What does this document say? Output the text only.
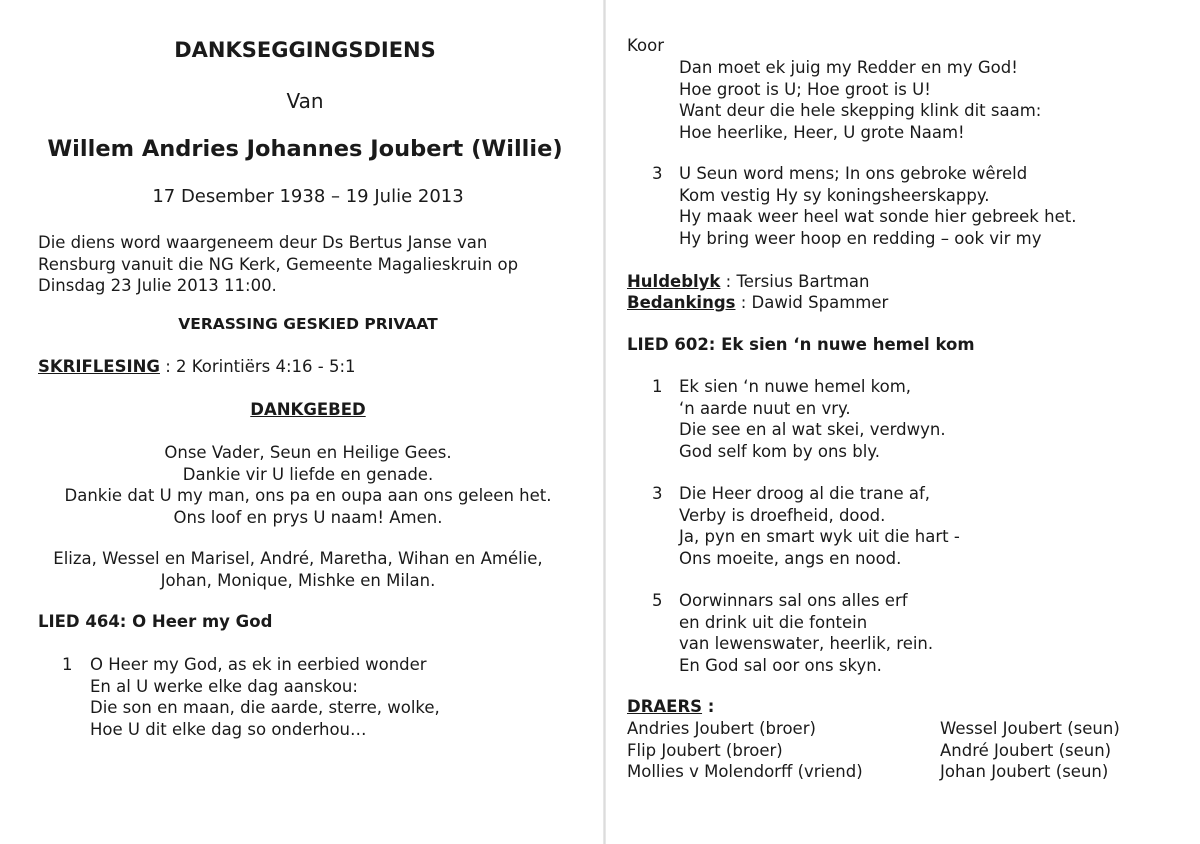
DANKSEGGINGSDIENS
Van
Willem Andries Johannes Joubert (Willie)
17 Desember 1938 – 19 Julie 2013
Die diens word waargeneem deur Ds Bertus Janse van
Rensburg vanuit die NG Kerk, Gemeente Magalieskruin op
Dinsdag 23 Julie 2013 11:00.
VERASSING GESKIED PRIVAAT
SKRIFLESING : 2 Korintiërs 4:16 - 5:1
DANKGEBED
Onse Vader, Seun en Heilige Gees.
Dankie vir U liefde en genade.
Dankie dat U my man, ons pa en oupa aan ons geleen het.
Ons loof en prys U naam! Amen.
Eliza, Wessel en Marisel, André, Maretha, Wihan en Amélie,
Johan, Monique, Mishke en Milan.
LIED 464: O Heer my God
1 O Heer my God, as ek in eerbied wonder
En al U werke elke dag aanskou:
Die son en maan, die aarde, sterre, wolke,
Hoe U dit elke dag so onderhou…
Koor
Dan moet ek juig my Redder en my God!
Hoe groot is U; Hoe groot is U!
Want deur die hele skepping klink dit saam:
Hoe heerlike, Heer, U grote Naam!
3 U Seun word mens; In ons gebroke wêreld
Kom vestig Hy sy koningsheerskappy.
Hy maak weer heel wat sonde hier gebreek het.
Hy bring weer hoop en redding – ook vir my
Huldeblyk : Tersius Bartman
Bedankings : Dawid Spammer
LIED 602: Ek sien ‘n nuwe hemel kom
1 Ek sien ‘n nuwe hemel kom,
‘n aarde nuut en vry.
Die see en al wat skei, verdwyn.
God self kom by ons bly.
3 Die Heer droog al die trane af,
Verby is droefheid, dood.
Ja, pyn en smart wyk uit die hart -
Ons moeite, angs en nood.
5 Oorwinnars sal ons alles erf
en drink uit die fontein
van lewenswater, heerlik, rein.
En God sal oor ons skyn.
DRAERS :
Andries Joubert (broer)
Flip Joubert (broer)
Mollies v Molendorff (vriend)
Wessel Joubert (seun)
André Joubert (seun)
Johan Joubert (seun)
